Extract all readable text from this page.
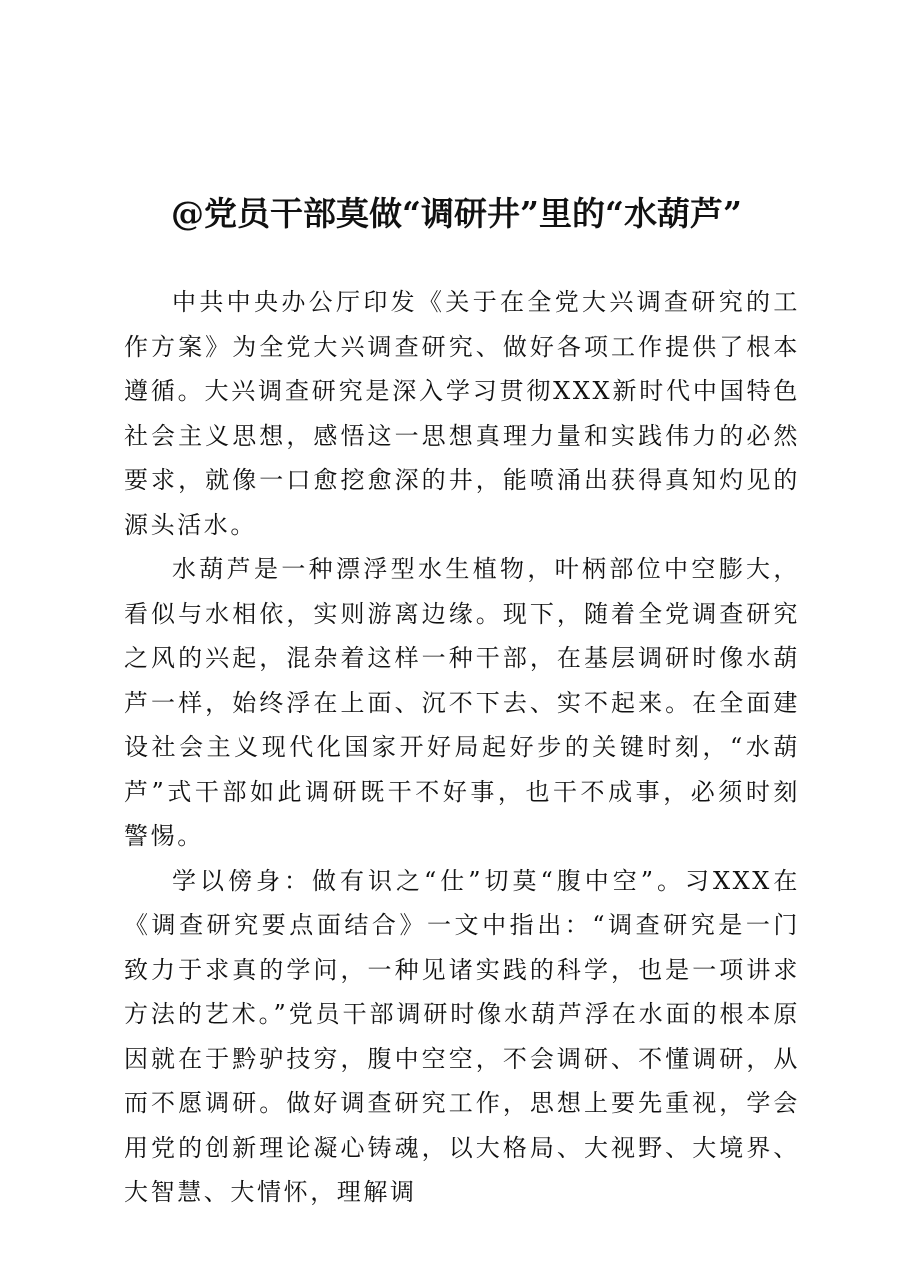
@党员干部莫做“调研井”里的“水葫芦”

中共中央办公厅印发《关于在全党大兴调查研究的工作方案》为全党大兴调查研究、做好各项工作提供了根本遵循。大兴调查研究是深入学习贯彻XXX新时代中国特色社会主义思想，感悟这一思想真理力量和实践伟力的必然要求，就像一口愈挖愈深的井，能喷涌出获得真知灼见的源头活水。

水葫芦是一种漂浮型水生植物，叶柄部位中空膨大，看似与水相依，实则游离边缘。现下，随着全党调查研究之风的兴起，混杂着这样一种干部，在基层调研时像水葫芦一样，始终浮在上面、沉不下去、实不起来。在全面建设社会主义现代化国家开好局起好步的关键时刻，“水葫芦”式干部如此调研既干不好事，也干不成事，必须时刻警惕。

学以傍身：做有识之“仕”切莫“腹中空”。习XXX在《调查研究要点面结合》一文中指出：“调查研究是一门致力于求真的学问，一种见诸实践的科学，也是一项讲求方法的艺术。”党员干部调研时像水葫芦浮在水面的根本原因就在于黔驴技穷，腹中空空，不会调研、不懂调研，从而不愿调研。做好调查研究工作，思想上要先重视，学会用党的创新理论凝心铸魂，以大格局、大视野、大境界、大智慧、大情怀，理解调
